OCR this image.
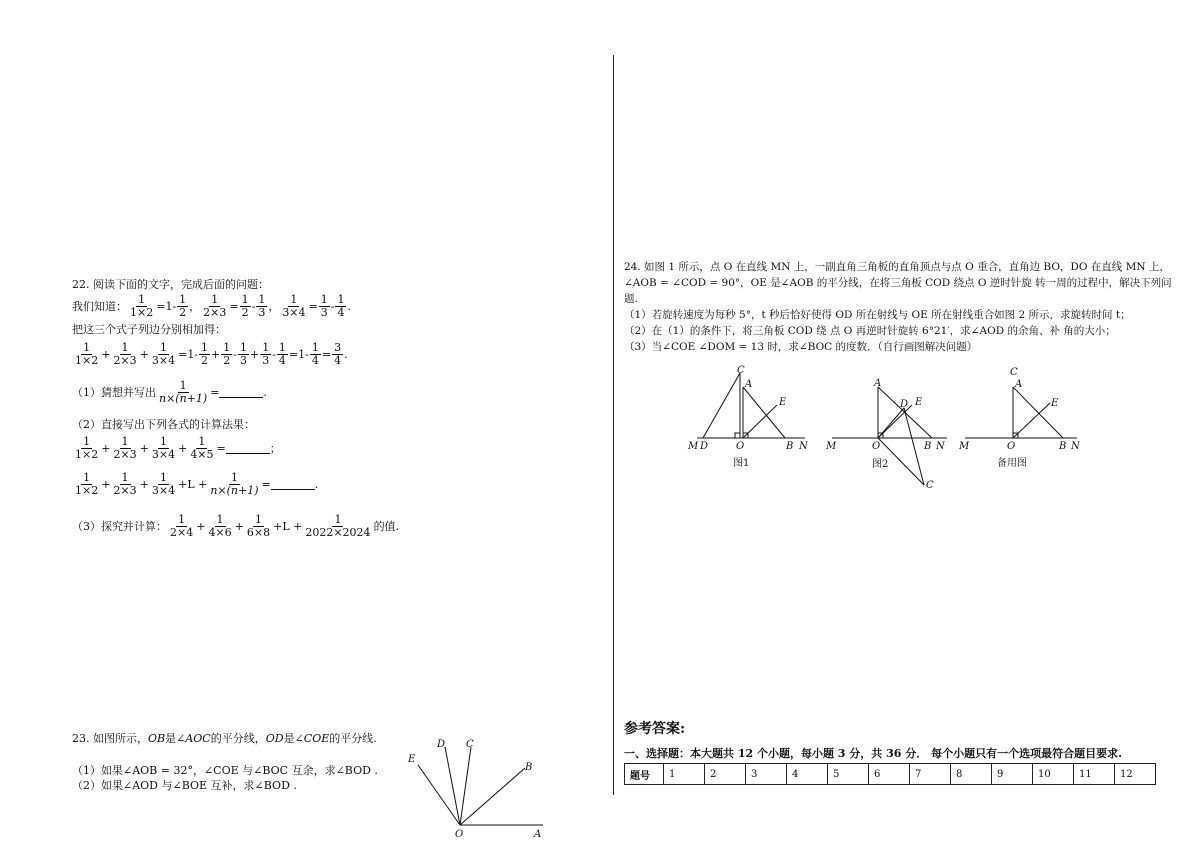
22. 阅读下面的文字，完成后面的问题：
我们知道： $\frac{1}{1\times 2} = 1 - \frac{1}{2}$ ， $\frac{1}{2\times 3} = \frac{1}{2} - \frac{1}{3}$ ， $\frac{1}{3\times 4} = \frac{1}{3} - \frac{1}{4}$ .
把这三个式子列边分别相加得：
$\frac{1}{1\times 2} + \frac{1}{2\times 3} + \frac{1}{3\times 4} = 1 - \frac{1}{2} + \frac{1}{2} - \frac{1}{3} + \frac{1}{3} - \frac{1}{4} = 1 - \frac{1}{4} = \frac{3}{4}$ .
（1）猜想并写出 $\frac{1}{n\times(n+1)}$ =	.
（2）直接写出下列各式的计算法果：
$\frac{1}{1\times 2} + \frac{1}{2\times 3} + \frac{1}{3\times 4} + \frac{1}{4\times 5}$ =	；
$\frac{1}{1\times 2} + \frac{1}{2\times 3} + \frac{1}{3\times 4} + L$
+ $\frac{1}{n\times(n+1)}$ =	.
（3）探究并计算： $\frac{1}{2\times 4} + \frac{1}{4\times 6} + \frac{1}{6\times 8} + L$
+ $\frac{1}{2022\times 2024}$ 的值.
23. 如图所示，OB是∠AOC的平分线，OD是∠COE的平分线.
（1）如果∠AOB = 32°，∠COE 与∠BOC 互余，求∠BOD .
（2）如果∠AOD 与∠BOE 互补，求∠BOD .
D C
E
B
O	A
24. 如图 1 所示，点 O 在直线 MN 上，一副直角三角板的直角顶点与点 O 重合，直角边 BO，DO 在直线 MN 上，
∠AOB = ∠COD = 90°，OE 是∠AOB 的平分线，在将三角板 COD 绕点 O 逆时针旋 转一周的过程中，解决下列问
题.
（1）若旋转速度为每秒 5°，t 秒后恰好使得 OD 所在射线与 OE 所在射线重合如图 2 所示，求旋转时间 t；
（2）在（1）的条件下，将三角板 COD 绕 点 O 再逆时针旋转 6°21′，求∠AOD 的余角、补 角的大小；
（3）当∠COE ∠DOM = 13 时，求∠BOC 的度数．（自行画图解决问题）
M D	O	B N
C
A
E
图1
M	O	B N
A
D E
C
图2
M	O	B N
C
A
E
备用图
参考答案:
一、选择题：本大题共 12 个小题，每小题 3 分，共 36 分． 每个小题只有一个选项最符合题目要求.
题号	1	2	3	4	5	6	7	8	9	10	11	12
